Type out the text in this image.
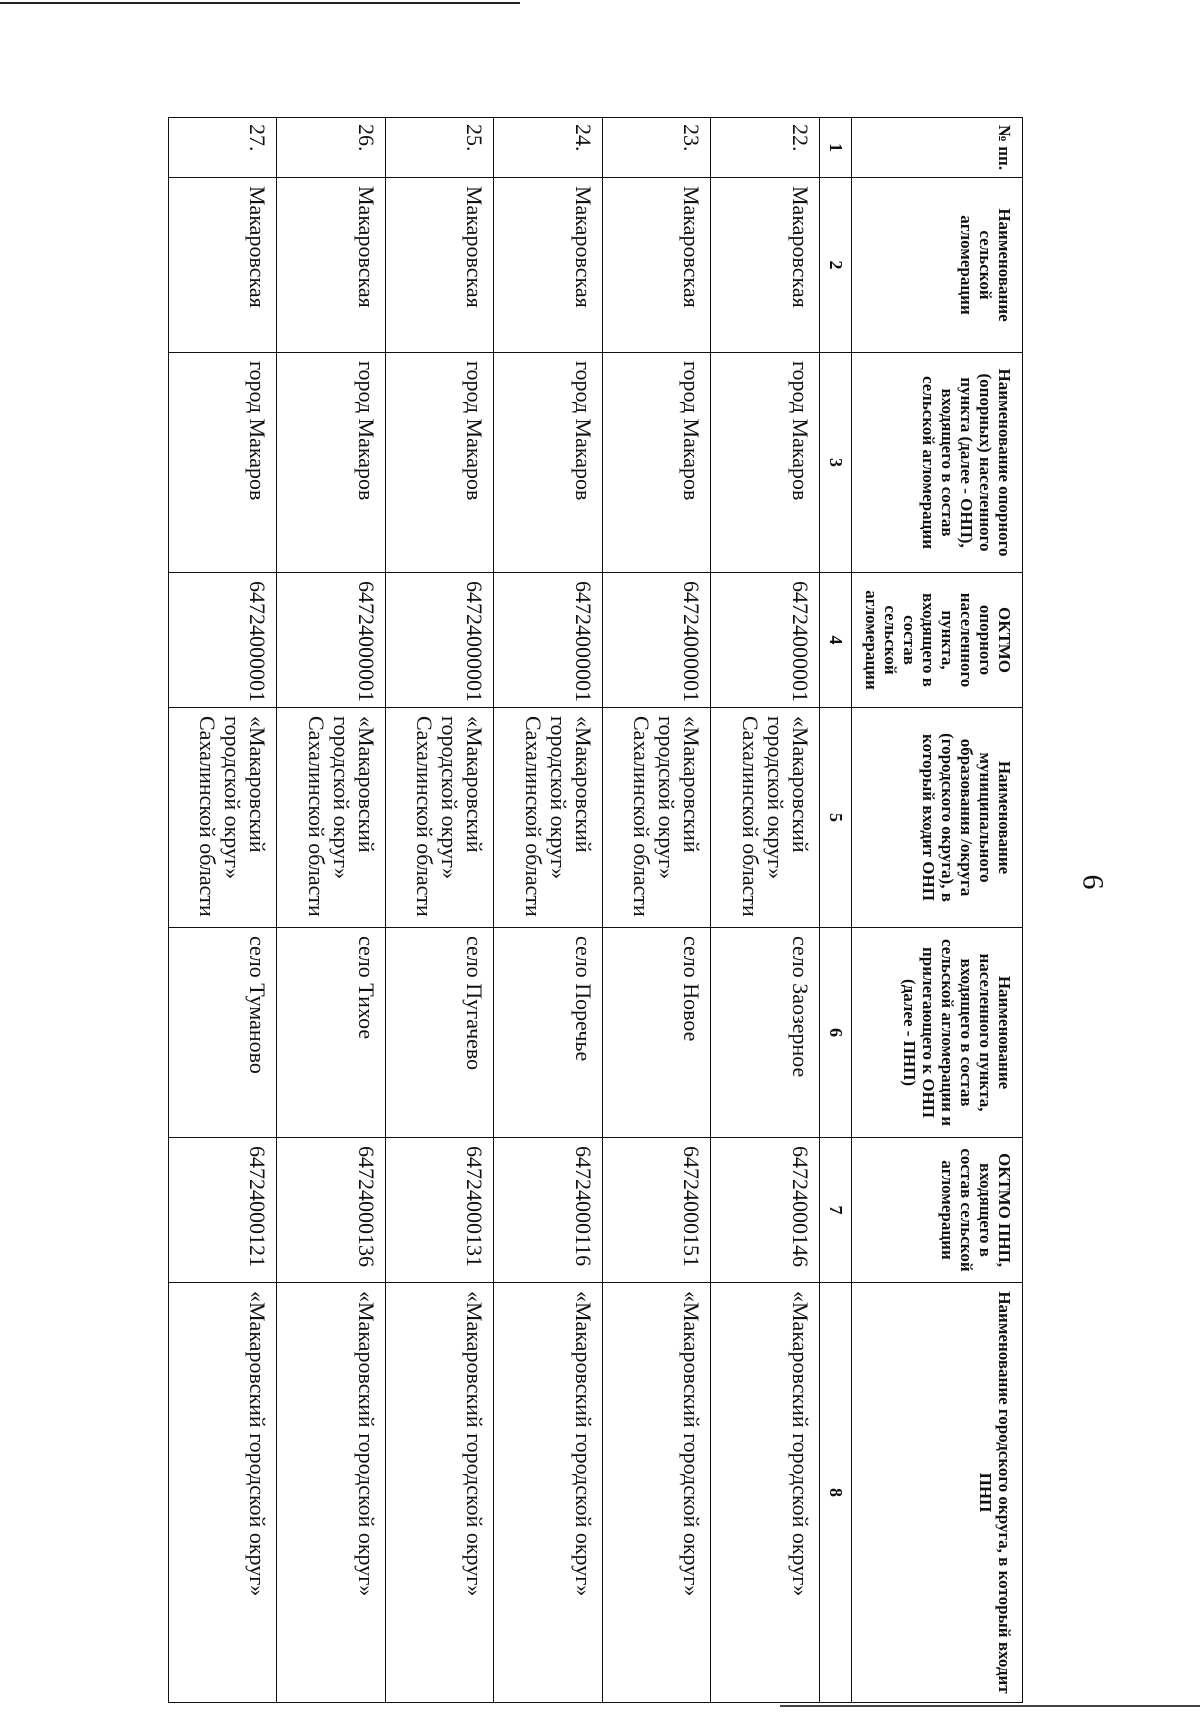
6
№ пп.	Наименование сельской агломерации	Наименование опорного (опорных) населенного пункта (далее - ОНП), входящего в состав сельской агломерации	ОКТМО опорного населенного пункта, входящего в состав сельской агломерации	Наименование муниципального образования /округа (городского округа), в который входит ОНП	Наименование населенного пункта, входящего в состав сельской агломерации и прилегающего к ОНП (далее - ПНП)	ОКТМО ПНП, входящего в состав сельской агломерации	Наименование городского округа, в который входит ПНП
1	2	3	4	5	6	7	8
22.	Макаровская	город Макаров	64724000001	«Макаровский городской округ» Сахалинской области	село Заозерное	64724000146	«Макаровский городской округ»
23.	Макаровская	город Макаров	64724000001	«Макаровский городской округ» Сахалинской области	село Новое	64724000151	«Макаровский городской округ»
24.	Макаровская	город Макаров	64724000001	«Макаровский городской округ» Сахалинской области	село Поречье	64724000116	«Макаровский городской округ»
25.	Макаровская	город Макаров	64724000001	«Макаровский городской округ» Сахалинской области	село Пугачево	64724000131	«Макаровский городской округ»
26.	Макаровская	город Макаров	64724000001	«Макаровский городской округ» Сахалинской области	село Тихое	64724000136	«Макаровский городской округ»
27.	Макаровская	город Макаров	64724000001	«Макаровский городской округ» Сахалинской области	село Туманово	64724000121	«Макаровский городской округ»
